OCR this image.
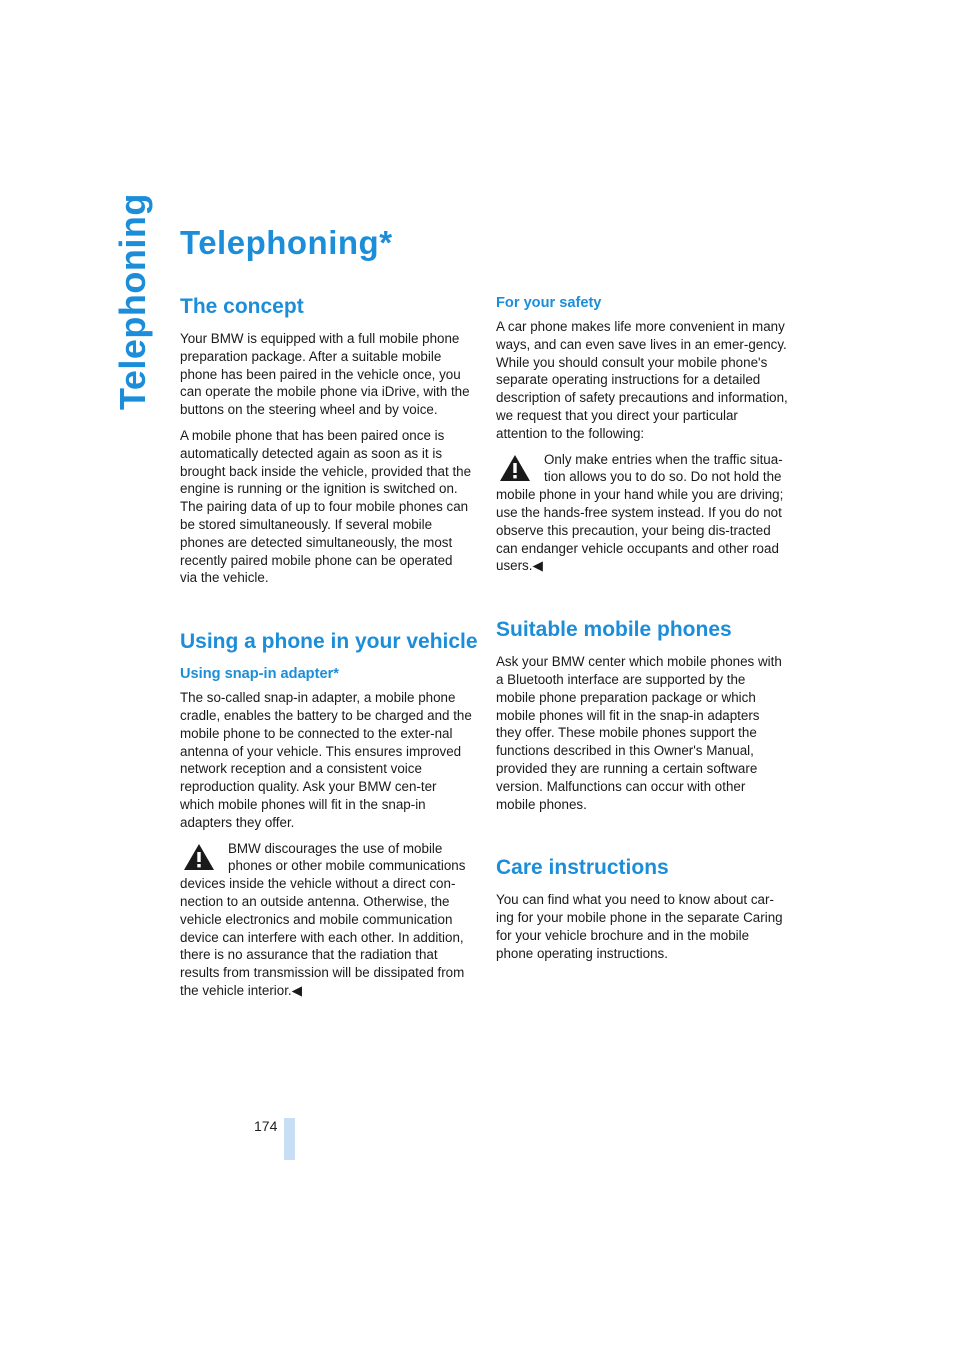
Telephoning Telephoning*
The concept

Your BMW is equipped with a full mobile phone preparation package. After a suitable mobile phone has been paired in the vehicle once, you can operate the mobile phone via iDrive, with the buttons on the steering wheel and by voice.

A mobile phone that has been paired once is automatically detected again as soon as it is brought back inside the vehicle, provided that the engine is running or the ignition is switched on. The pairing data of up to four mobile phones can be stored simultaneously. If several mobile phones are detected simultaneously, the most recently paired mobile phone can be operated via the vehicle.

Using a phone in your vehicle
Using snap-in adapter*

The so-called snap-in adapter, a mobile phone cradle, enables the battery to be charged and the mobile phone to be connected to the exter-nal antenna of your vehicle. This ensures improved network reception and a consistent voice reproduction quality. Ask your BMW cen-ter which mobile phones will fit in the snap-in adapters they offer.

BMW discourages the use of mobile phones or other mobile communications devices inside the vehicle without a direct con-nection to an outside antenna. Otherwise, the vehicle electronics and mobile communication device can interfere with each other. In addition, there is no assurance that the radiation that results from transmission will be dissipated from the vehicle interior.◀
For your safety

A car phone makes life more convenient in many ways, and can even save lives in an emer-gency. While you should consult your mobile phone's separate operating instructions for a detailed description of safety precautions and information, we request that you direct your particular attention to the following:

Only make entries when the traffic situa-tion allows you to do so. Do not hold the mobile phone in your hand while you are driving; use the hands-free system instead. If you do not observe this precaution, your being dis-tracted can endanger vehicle occupants and other road users.◀
Suitable mobile phones

Ask your BMW center which mobile phones with a Bluetooth interface are supported by the mobile phone preparation package or which mobile phones will fit in the snap-in adapters they offer. These mobile phones support the functions described in this Owner's Manual, provided they are running a certain software version. Malfunctions can occur with other mobile phones.

Care instructions

You can find what you need to know about car-ing for your mobile phone in the separate Caring for your vehicle brochure and in the mobile phone operating instructions.

174
